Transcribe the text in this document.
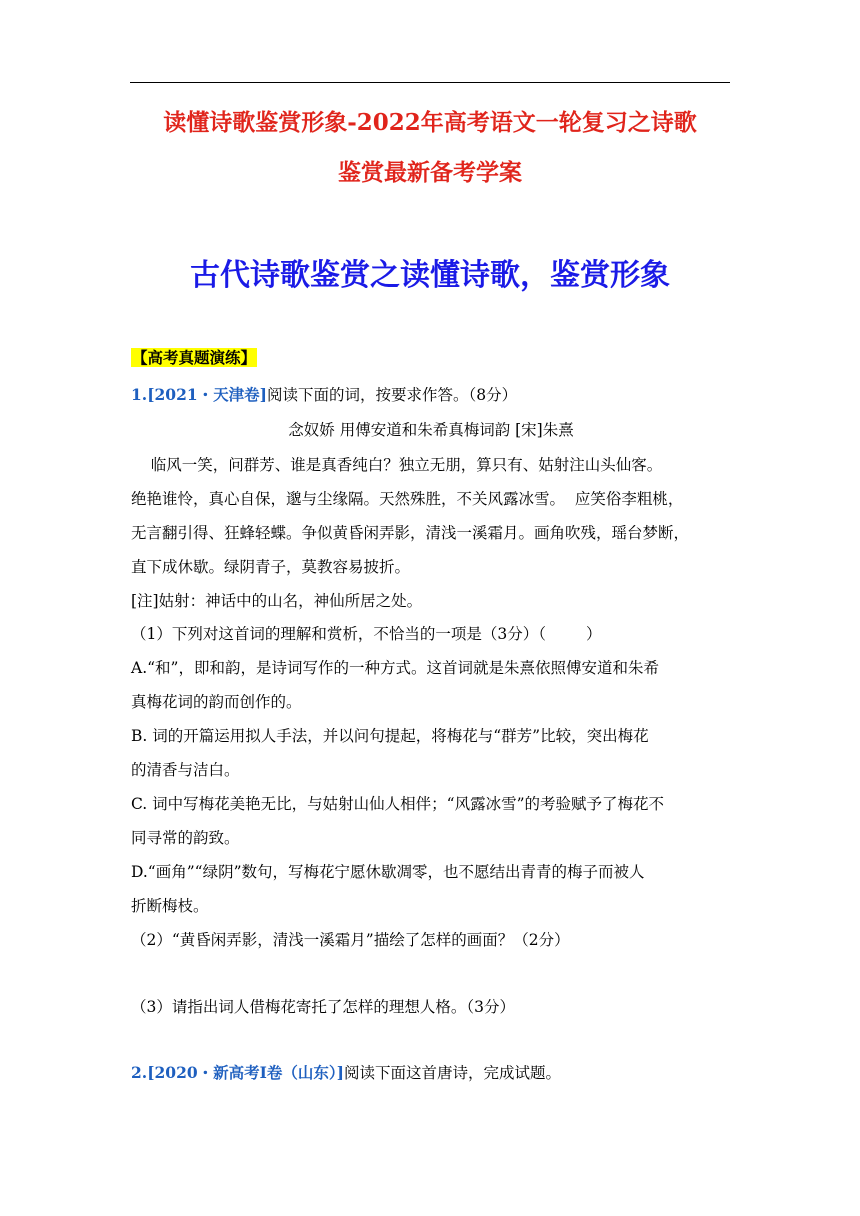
读懂诗歌鉴赏形象-2022年高考语文一轮复习之诗歌
鉴赏最新备考学案
古代诗歌鉴赏之读懂诗歌，鉴赏形象
【高考真题演练】
1.[2021・天津卷]阅读下面的词，按要求作答。（8分）
念奴娇 用傅安道和朱希真梅词韵 [宋]朱熹
临风一笑，问群芳、谁是真香纯白？独立无朋，算只有、姑射注山头仙客。
绝艳谁怜，真心自保，邈与尘缘隔。天然殊胜，不关风露冰雪。  应笑俗李粗桃，
无言翻引得、狂蜂轻蝶。争似黄昏闲弄影，清浅一溪霜月。画角吹残，瑶台梦断，
直下成休歇。绿阴青子，莫教容易披折。
[注]姑射：神话中的山名，神仙所居之处。
（1）下列对这首词的理解和赏析，不恰当的一项是（3分）（	）
A.“和”，即和韵，是诗词写作的一种方式。这首词就是朱熹依照傅安道和朱希
真梅花词的韵而创作的。
B. 词的开篇运用拟人手法，并以问句提起，将梅花与“群芳”比较，突出梅花
的清香与洁白。
C. 词中写梅花美艳无比，与姑射山仙人相伴；“风露冰雪”的考验赋予了梅花不
同寻常的韵致。
D.“画角”“绿阴”数句，写梅花宁愿休歇凋零，也不愿结出青青的梅子而被人
折断梅枝。
（2）“黄昏闲弄影，清浅一溪霜月”描绘了怎样的画面？（2分）
（3）请指出词人借梅花寄托了怎样的理想人格。（3分）
2.[2020・新高考Ⅰ卷（山东）]阅读下面这首唐诗，完成试题。
